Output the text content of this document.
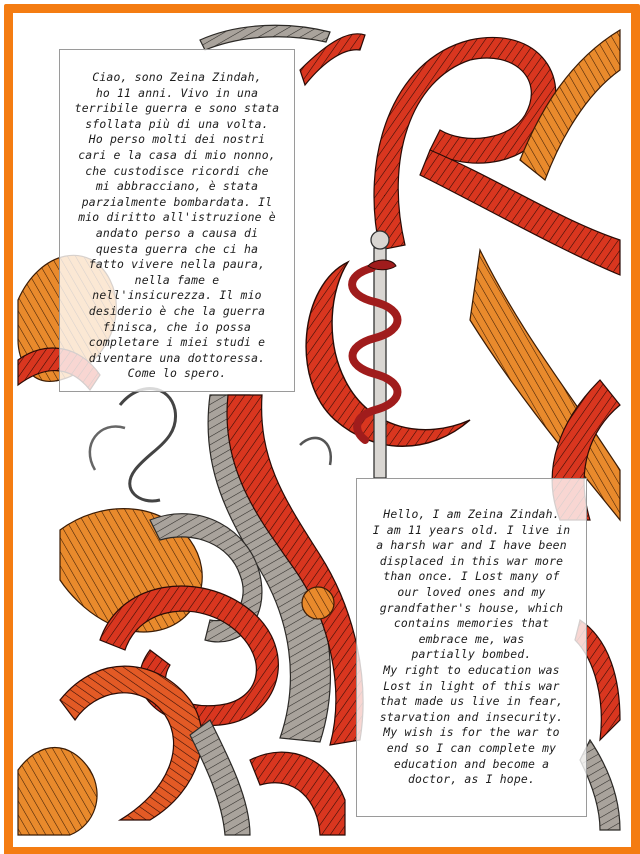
Ciao, sono Zeina Zindah,
ho 11 anni. Vivo in una
terribile guerra e sono stata
sfollata più di una volta.
Ho perso molti dei nostri
cari e la casa di mio nonno,
che custodisce ricordi che
mi abbracciano, è stata
parzialmente bombardata. Il
mio diritto all'istruzione è
andato perso a causa di
questa guerra che ci ha
fatto vivere nella paura,
nella fame e
nell'insicurezza. Il mio
desiderio è che la guerra
finisca, che io possa
completare i miei studi e
diventare una dottoressa.
Come lo spero.
Hello, I am Zeina Zindah.
I am 11 years old. I live in
a harsh war and I have been
displaced in this war more
than once. I Lost many of
our loved ones and my
grandfather's house, which
contains memories that
embrace me, was
partially bombed.
My right to education was
Lost in light of this war
that made us live in fear,
starvation and insecurity.
My wish is for the war to
end so I can complete my
education and become a
doctor, as I hope.
